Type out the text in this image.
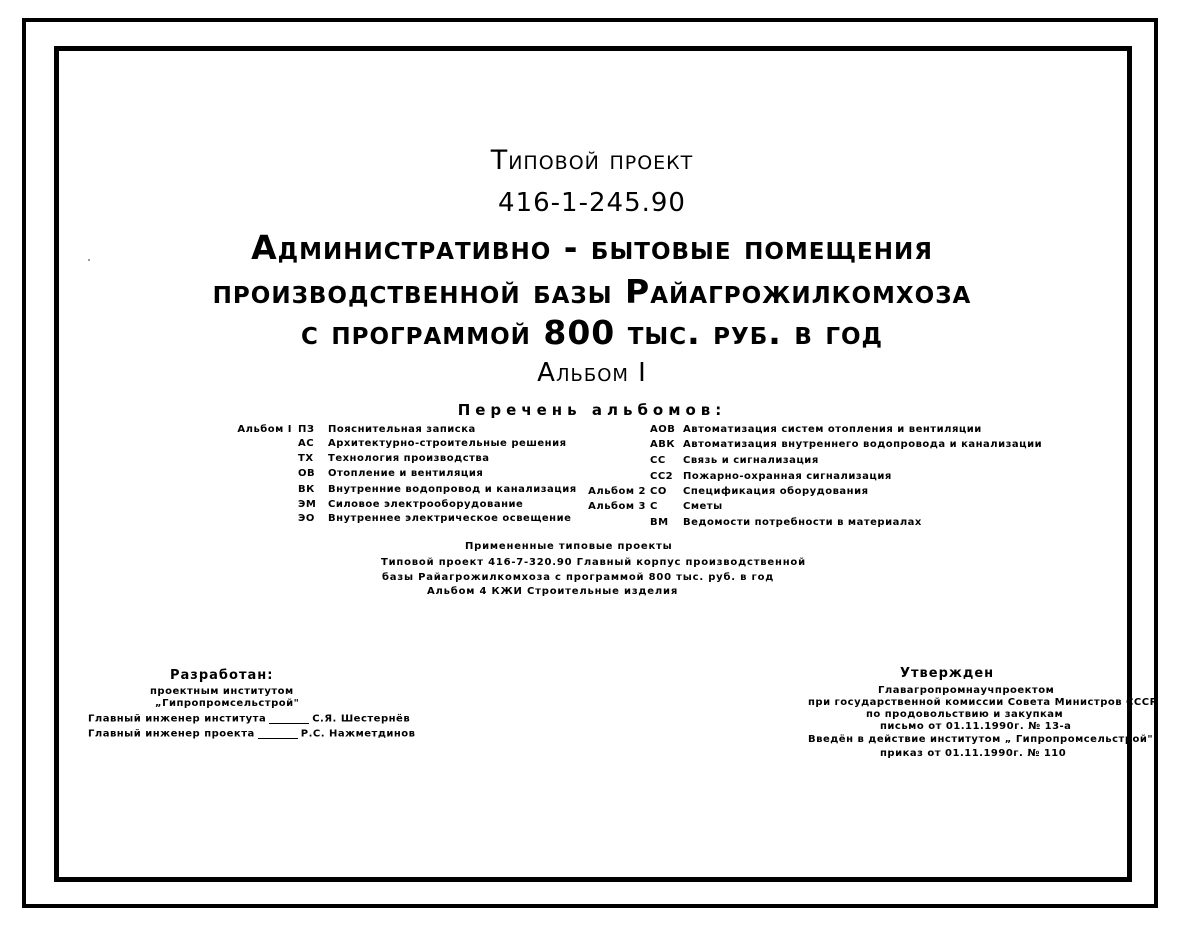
Типовой проект
416-1-245.90
Административно - бытовые помещения
производственной базы Райагрожилкомхоза
с программой 800 тыс. руб. в год
Альбом I
Перечень альбомов:
Альбом I ПЗ	Пояснительная записка
АС	Архитектурно-строительные решения
ТХ	Технология производства
ОВ	Отопление и вентиляция
ВК	Внутренние водопровод и канализация
ЭМ	Силовое электрооборудование
ЭО	Внутреннее электрическое освещение
АОВ Автоматизация систем отопления и вентиляции
АВК Автоматизация внутреннего водопровода и канализации
СС	Связь и сигнализация
СС2 Пожарно-охранная сигнализация
Альбом 2 СО	Спецификация оборудования
Альбом 3 С	Сметы
ВМ	Ведомости потребности в материалах
Примененные типовые проекты
Типовой проект 416-7-320.90 Главный корпус производственной
базы Райагрожилкомхоза с программой 800 тыс. руб. в год
Альбом 4 КЖИ Строительные изделия
Разработан:
проектным институтом
„Гипропромсельстрой"
Главный инженер института	С.Я. Шестернёв
Главный инженер проекта	Р.С. Нажметдинов
Утвержден
Главагропромнаучпроектом
при государственной комиссии Совета Министров СССР
по продовольствию и закупкам
письмо от 01.11.1990г. № 13-а
Введён в действие институтом „ Гипропромсельстрой"
приказ от 01.11.1990г. № 110
